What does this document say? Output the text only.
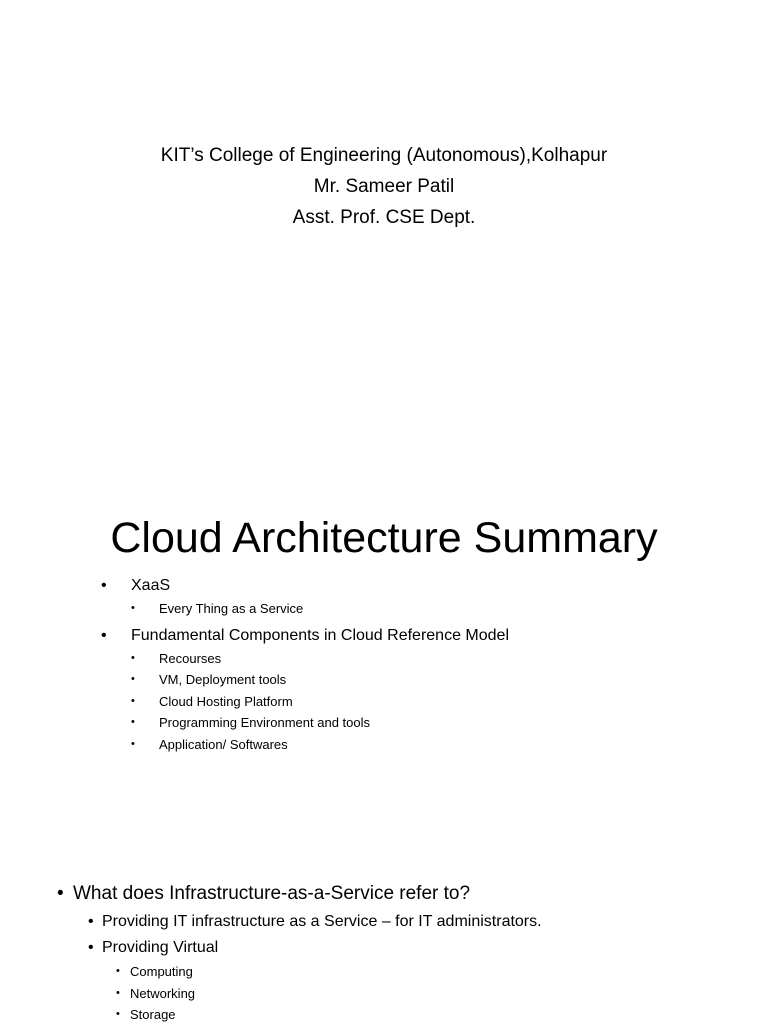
KIT’s College of Engineering (Autonomous),Kolhapur
Mr. Sameer Patil
Asst. Prof. CSE Dept.
Cloud Architecture Summary
• XaaS
• Every Thing as a Service
• Fundamental Components in Cloud Reference Model
• Recourses
• VM, Deployment tools
• Cloud Hosting Platform
• Programming Environment and tools
• Application/ Softwares
• What does Infrastructure-as-a-Service refer to?
• Providing IT infrastructure as a Service – for IT administrators.
• Providing Virtual
• Computing
• Networking
• Storage
